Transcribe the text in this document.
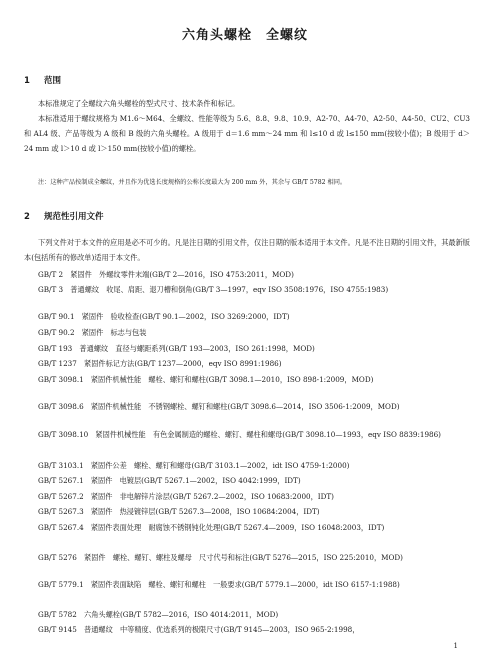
六角头螺栓　全螺纹
1 范围
本标准规定了全螺纹六角头螺栓的型式尺寸、技术条件和标记。
本标准适用于螺纹规格为 M1.6～M64、全螺纹、性能等级为 5.6、8.8、9.8、10.9、A2-70、A4-70、A2-50、A4-50、CU2、CU3 和 AL4 级、产品等级为 A 级和 B 级的六角头螺栓。A 级用于 d＝1.6 mm～24 mm 和 l≤10 d 或 l≤150 mm(按较小值)；B 级用于 d＞24 mm 或 l＞10 d 或 l＞150 mm(按较小值)的螺栓。
注：这种产品按制成全螺纹，并且作为优选长度规格的公称长度最大为 200 mm 外，其余与 GB/T 5782 相同。
2 规范性引用文件
下列文件对于本文件的应用是必不可少的。凡是注日期的引用文件，仅注日期的版本适用于本文件。凡是不注日期的引用文件，其最新版本(包括所有的修改单)适用于本文件。
GB/T 2　紧固件　外螺纹零件末端(GB/T 2—2016，ISO 4753:2011，MOD)
GB/T 3　普通螺纹　收尾、肩距、退刀槽和倒角(GB/T 3—1997，eqv ISO 3508:1976，ISO 4755:1983)
GB/T 90.1　紧固件　验收检查(GB/T 90.1—2002，ISO 3269:2000，IDT)
GB/T 90.2　紧固件　标志与包装
GB/T 193　普通螺纹　直径与螺距系列(GB/T 193—2003，ISO 261:1998，MOD)
GB/T 1237　紧固件标记方法(GB/T 1237—2000，eqv ISO 8991:1986)
GB/T 3098.1　紧固件机械性能　螺栓、螺钉和螺柱(GB/T 3098.1—2010，ISO 898-1:2009，MOD)
GB/T 3098.6　紧固件机械性能　不锈钢螺栓、螺钉和螺柱(GB/T 3098.6—2014，ISO 3506-1:2009，MOD)
GB/T 3098.10　紧固件机械性能　有色金属制造的螺栓、螺钉、螺柱和螺母(GB/T 3098.10—1993，eqv ISO 8839:1986)
GB/T 3103.1　紧固件公差　螺栓、螺钉和螺母(GB/T 3103.1—2002，idt ISO 4759-1:2000)
GB/T 5267.1　紧固件　电镀层(GB/T 5267.1—2002，ISO 4042:1999，IDT)
GB/T 5267.2　紧固件　非电解锌片涂层(GB/T 5267.2—2002，ISO 10683:2000，IDT)
GB/T 5267.3　紧固件　热浸镀锌层(GB/T 5267.3—2008，ISO 10684:2004，IDT)
GB/T 5267.4　紧固件表面处理　耐腐蚀不锈钢钝化处理(GB/T 5267.4—2009，ISO 16048:2003，IDT)
GB/T 5276　紧固件　螺栓、螺钉、螺柱及螺母　尺寸代号和标注(GB/T 5276—2015，ISO 225:2010，MOD)
GB/T 5779.1　紧固件表面缺陷　螺栓、螺钉和螺柱　一般要求(GB/T 5779.1—2000，idt ISO 6157-1:1988)
GB/T 5782　六角头螺栓(GB/T 5782—2016，ISO 4014:2011，MOD)
GB/T 9145　普通螺纹　中等精度、优选系列的极限尺寸(GB/T 9145—2003，ISO 965-2:1998，
1
